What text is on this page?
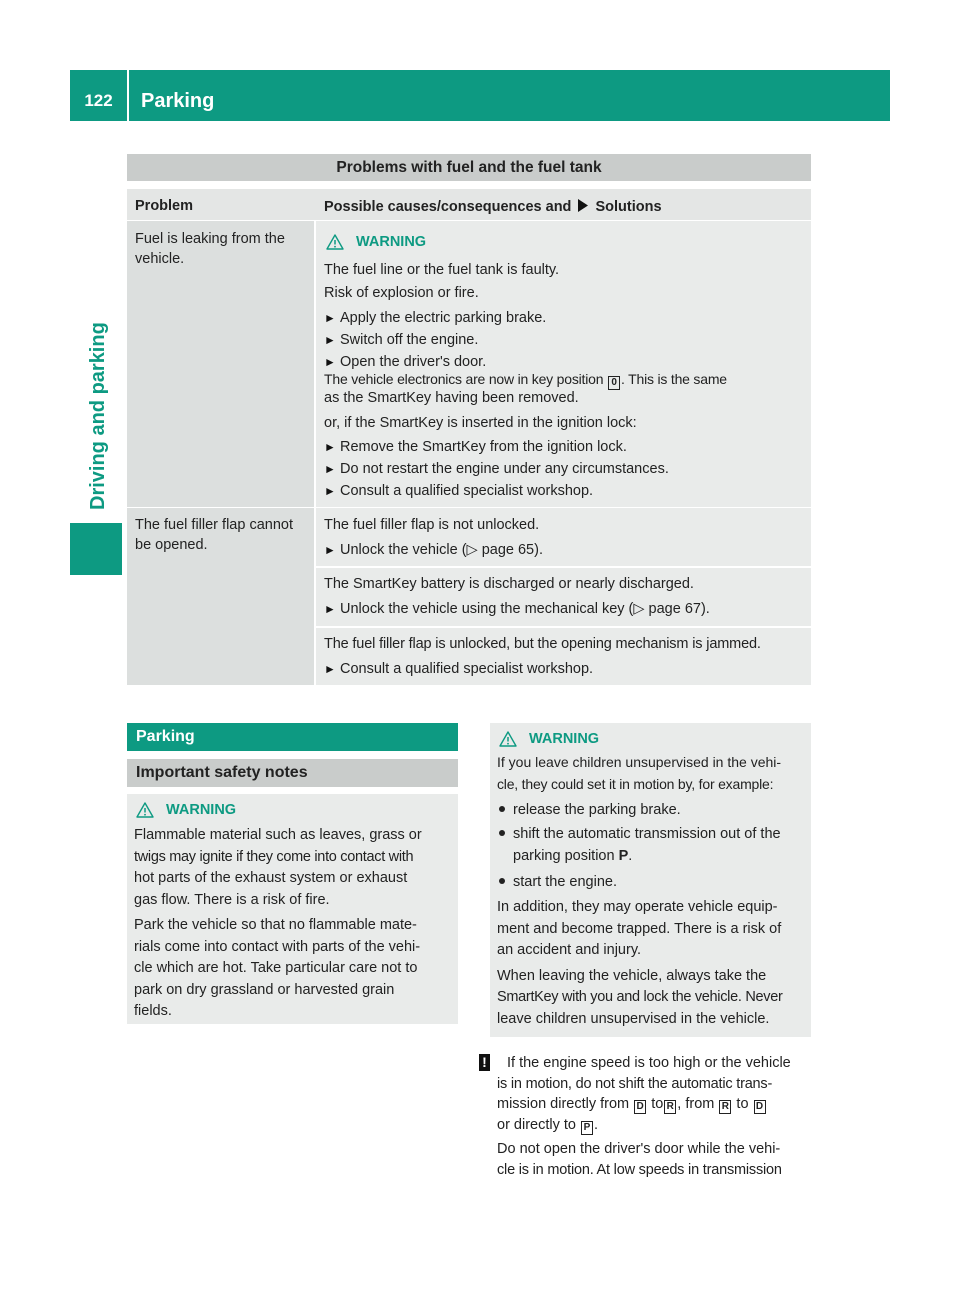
122	Parking
Driving and parking
Problems with fuel and the fuel tank
Problem	Possible causes/consequences and Solutions
Fuel is leaking from the
vehicle.
WARNING
The fuel line or the fuel tank is faulty.
Risk of explosion or fire.
► Apply the electric parking brake.
► Switch off the engine.
► Open the driver's door.
The vehicle electronics are now in key position 0 . This is the same
as the SmartKey having been removed.
or, if the SmartKey is inserted in the ignition lock:
► Remove the SmartKey from the ignition lock.
► Do not restart the engine under any circumstances.
► Consult a qualified specialist workshop.
The fuel filler flap cannot
be opened.
The fuel filler flap is not unlocked.
► Unlock the vehicle (▷ page 65).
The SmartKey battery is discharged or nearly discharged.
► Unlock the vehicle using the mechanical key (▷ page 67).
The fuel filler flap is unlocked, but the opening mechanism is jammed.
► Consult a qualified specialist workshop.
Parking
Important safety notes
WARNING
Flammable material such as leaves, grass or
twigs may ignite if they come into contact with
hot parts of the exhaust system or exhaust
gas flow. There is a risk of fire.
Park the vehicle so that no flammable mate-
rials come into contact with parts of the vehi-
cle which are hot. Take particular care not to
park on dry grassland or harvested grain
fields.
WARNING
If you leave children unsupervised in the vehi-
cle, they could set it in motion by, for example:
release the parking brake.
shift the automatic transmission out of the
parking position P.
start the engine.
In addition, they may operate vehicle equip-
ment and become trapped. There is a risk of
an accident and injury.
When leaving the vehicle, always take the
SmartKey with you and lock the vehicle. Never
leave children unsupervised in the vehicle.
! If the engine speed is too high or the vehicle
is in motion, do not shift the automatic trans-
mission directly from D to R , from R to D
or directly to P .
Do not open the driver's door while the vehi-
cle is in motion. At low speeds in transmission
